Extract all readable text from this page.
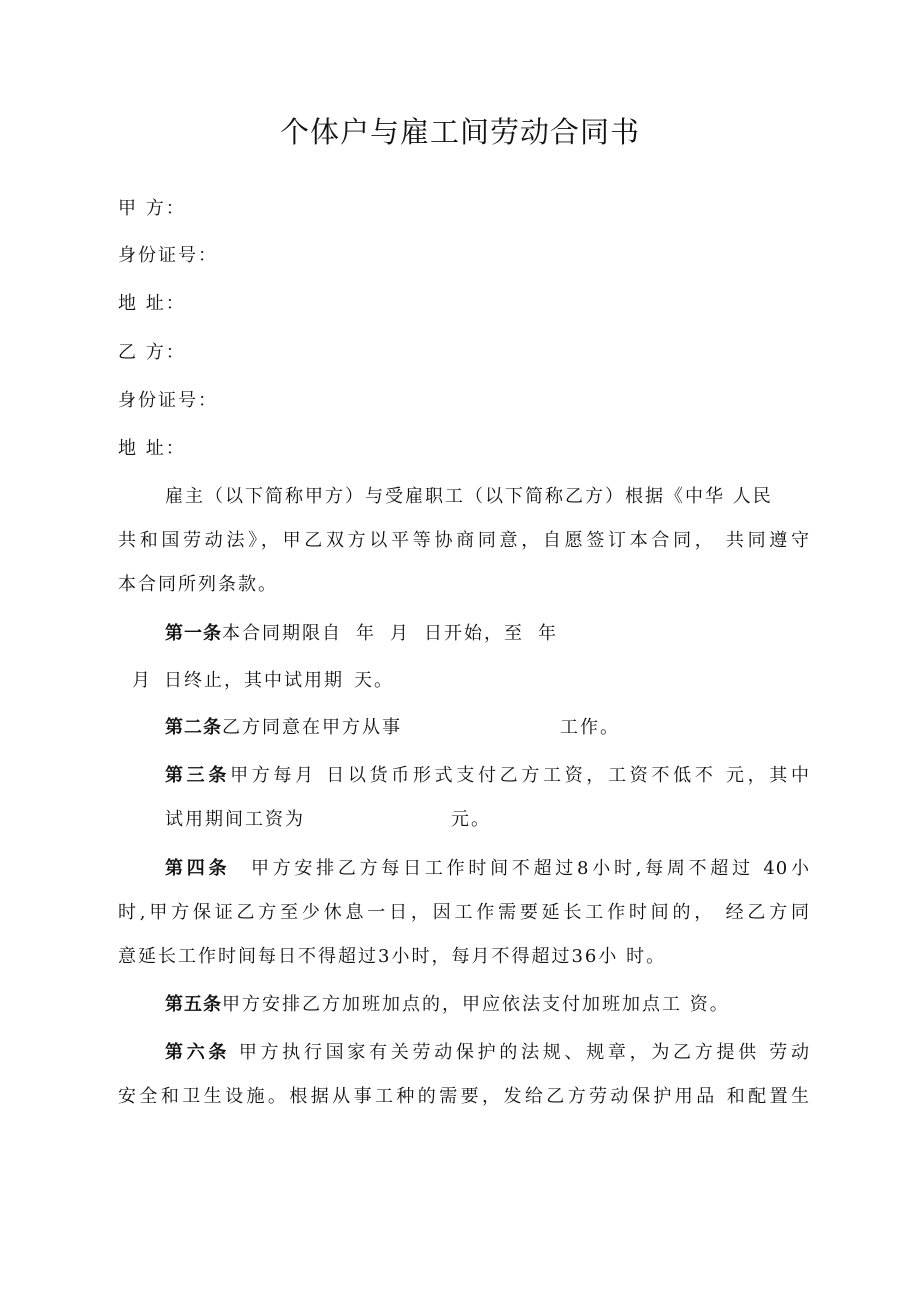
个体户与雇工间劳动合同书

甲 方：

身份证号：

地 址：

乙 方：

身份证号：

地 址：

雇主（以下简称甲方）与受雇职工（以下简称乙方）根据《中华 人民

共和国劳动法》，甲乙双方以平等协商同意，自愿签订本合同， 共同遵守

本合同所列条款。

第一条本合同期限自 年 月 日开始，至 年

月 日终止，其中试用期 天。

第二条乙方同意在甲方从事	工作。

第三条甲方每月 日以货币形式支付乙方工资，工资不低不 元，其中

试用期间工资为	元。

第四条 甲方安排乙方每日工作时间不超过8小时,每周不超过 40小

时,甲方保证乙方至少休息一日，因工作需要延长工作时间的， 经乙方同

意延长工作时间每日不得超过3小时，每月不得超过36小 时。

第五条甲方安排乙方加班加点的，甲应依法支付加班加点工 资。

第六条 甲方执行国家有关劳动保护的法规、规章，为乙方提供 劳动

安全和卫生设施。根据从事工种的需要，发给乙方劳动保护用品 和配置生
